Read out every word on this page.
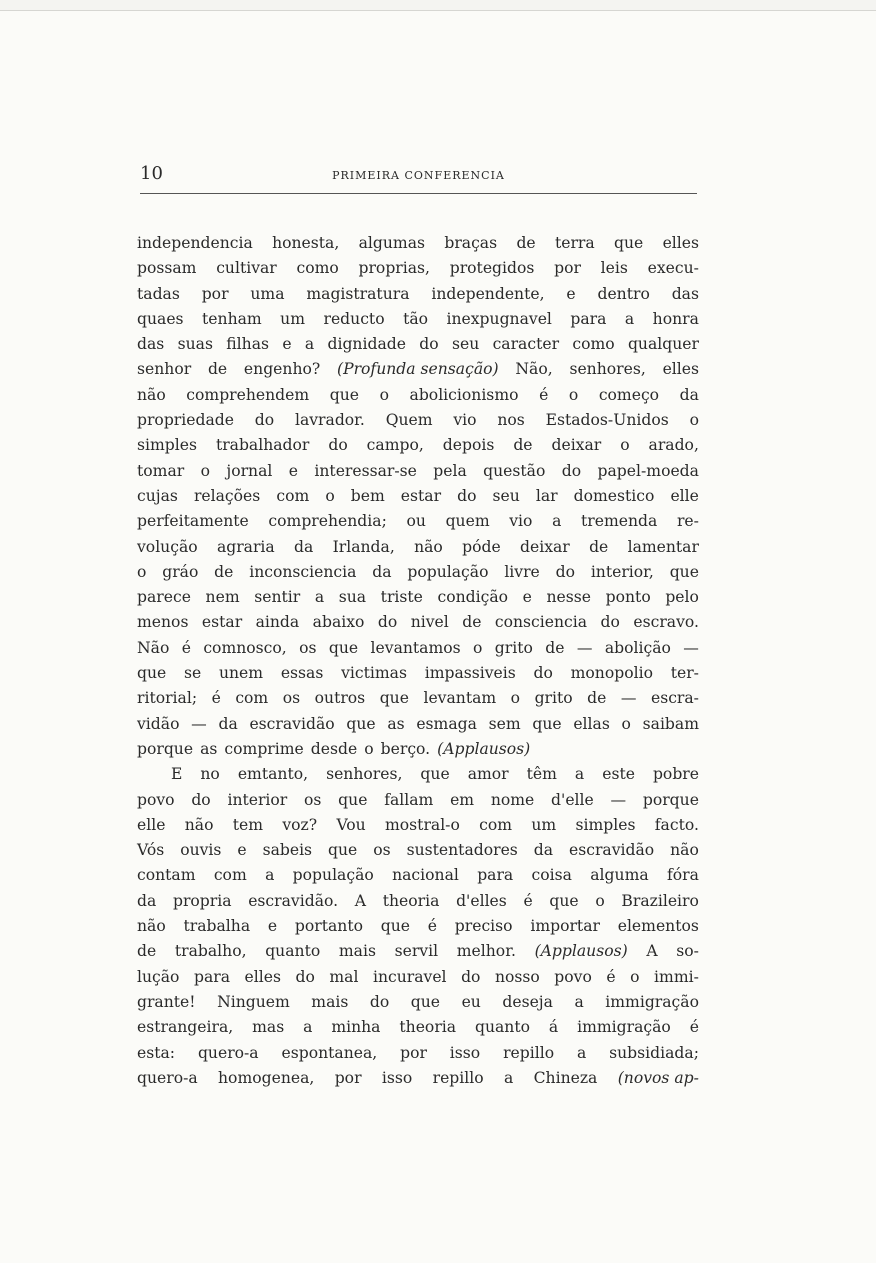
10	PRIMEIRA CONFERENCIA
independencia honesta, algumas braças de terra que elles
possam cultivar como proprias, protegidos por leis execu-
tadas por uma magistratura independente, e dentro das
quaes tenham um reducto tão inexpugnavel para a honra
das suas filhas e a dignidade do seu caracter como qualquer
senhor de engenho? (Profunda sensação) Não, senhores, elles
não comprehendem que o abolicionismo é o começo da
propriedade do lavrador. Quem vio nos Estados-Unidos o
simples trabalhador do campo, depois de deixar o arado,
tomar o jornal e interessar-se pela questão do papel-moeda
cujas relações com o bem estar do seu lar domestico elle
perfeitamente comprehendia; ou quem vio a tremenda re-
volução agraria da Irlanda, não póde deixar de lamentar
o gráo de inconsciencia da população livre do interior, que
parece nem sentir a sua triste condição e nesse ponto pelo
menos estar ainda abaixo do nivel de consciencia do escravo.
Não é comnosco, os que levantamos o grito de — abolição —
que se unem essas victimas impassiveis do monopolio ter-
ritorial; é com os outros que levantam o grito de — escra-
vidão — da escravidão que as esmaga sem que ellas o saibam
porque as comprime desde o berço. (Applausos)
E no emtanto, senhores, que amor têm a este pobre
povo do interior os que fallam em nome d'elle — porque
elle não tem voz? Vou mostral-o com um simples facto.
Vós ouvis e sabeis que os sustentadores da escravidão não
contam com a população nacional para coisa alguma fóra
da propria escravidão. A theoria d'elles é que o Brazileiro
não trabalha e portanto que é preciso importar elementos
de trabalho, quanto mais servil melhor. (Applausos) A so-
lução para elles do mal incuravel do nosso povo é o immi-
grante! Ninguem mais do que eu deseja a immigração
estrangeira, mas a minha theoria quanto á immigração é
esta: quero-a espontanea, por isso repillo a subsidiada;
quero-a homogenea, por isso repillo a Chineza (novos ap-
